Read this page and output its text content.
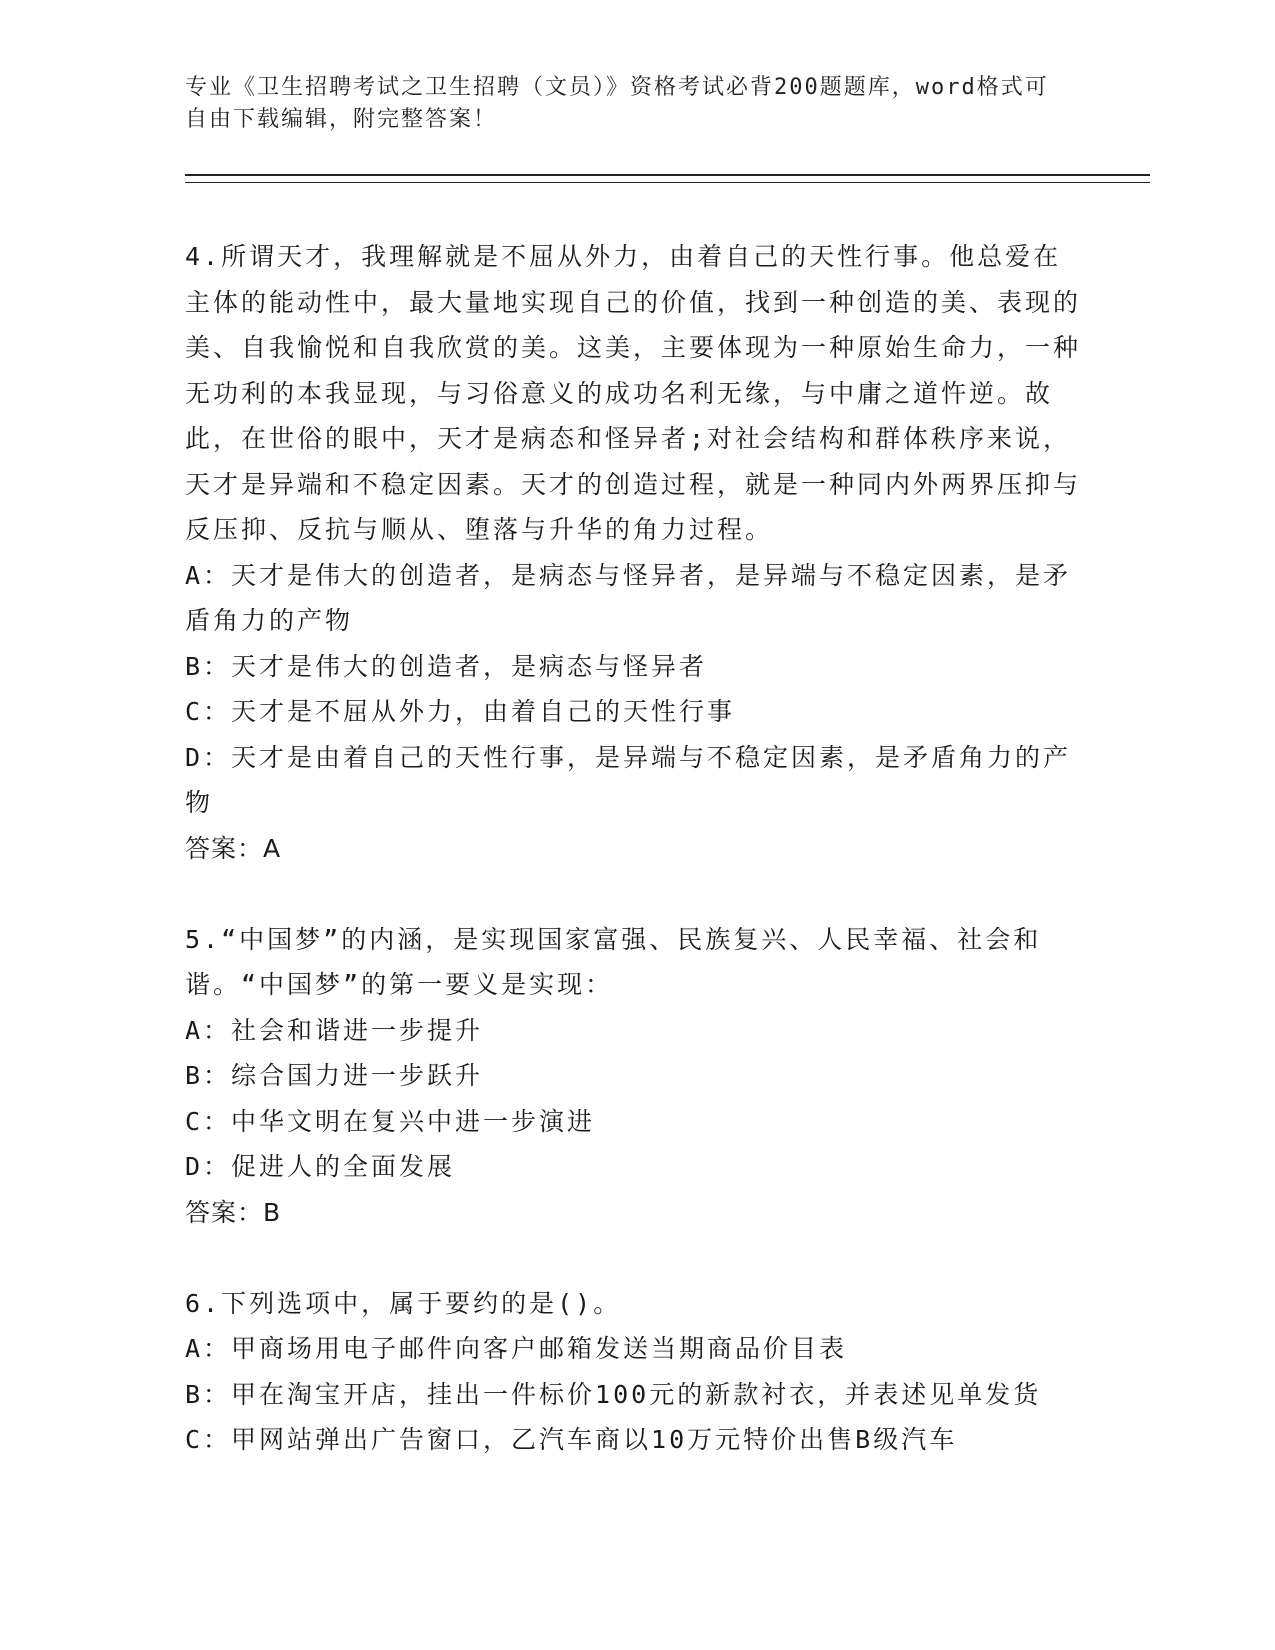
专业《卫生招聘考试之卫生招聘（文员）》资格考试必背200题题库，word格式可自由下载编辑，附完整答案！

4.所谓天才，我理解就是不屈从外力，由着自己的天性行事。他总爱在主体的能动性中，最大量地实现自己的价值，找到一种创造的美、表现的美、自我愉悦和自我欣赏的美。这美，主要体现为一种原始生命力，一种无功利的本我显现，与习俗意义的成功名利无缘，与中庸之道忤逆。故此，在世俗的眼中，天才是病态和怪异者;对社会结构和群体秩序来说，天才是异端和不稳定因素。天才的创造过程，就是一种同内外两界压抑与反压抑、反抗与顺从、堕落与升华的角力过程。

A：天才是伟大的创造者，是病态与怪异者，是异端与不稳定因素，是矛盾角力的产物

B：天才是伟大的创造者，是病态与怪异者

C：天才是不屈从外力，由着自己的天性行事

D：天才是由着自己的天性行事，是异端与不稳定因素，是矛盾角力的产物

答案：A

5.“中国梦”的内涵，是实现国家富强、民族复兴、人民幸福、社会和谐。“中国梦”的第一要义是实现：

A：社会和谐进一步提升

B：综合国力进一步跃升

C：中华文明在复兴中进一步演进

D：促进人的全面发展

答案：B

6.下列选项中，属于要约的是()。

A：甲商场用电子邮件向客户邮箱发送当期商品价目表

B：甲在淘宝开店，挂出一件标价100元的新款衬衣，并表述见单发货

C：甲网站弹出广告窗口，乙汽车商以10万元特价出售B级汽车
